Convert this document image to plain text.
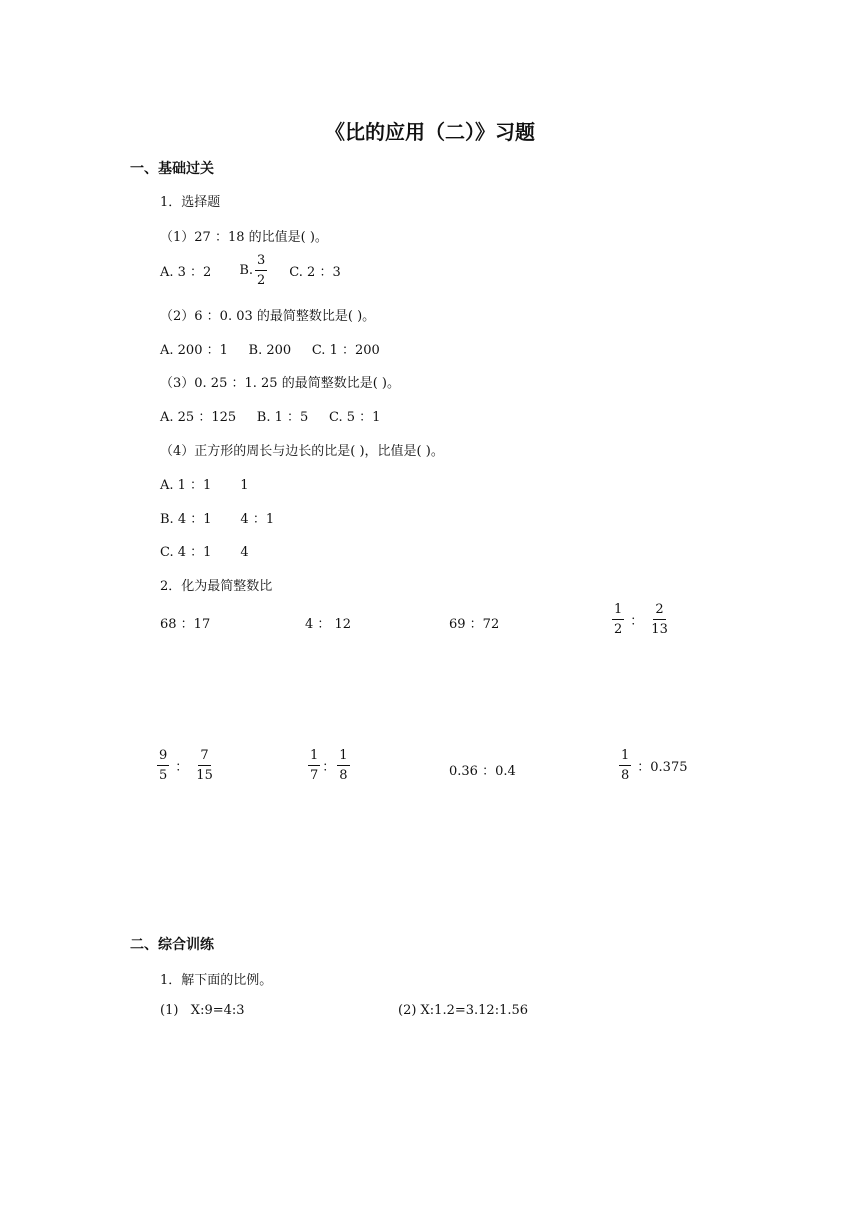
《比的应用（二）》习题
一、基础过关
1．选择题
（1）27 ：18 的比值是( )。
A. 3 ：2 B. $\frac{3}{2} C$. 2 ：3
（2）6 ：0. 03 的最简整数比是( )。
A. 200 ：1     B. 200     C. 1 ：200
（3）0. 25 ：1. 25 的最简整数比是( )。
A. 25 ：125     B. 1 ：5     C. 5 ：1
（4）正方形的周长与边长的比是( )，比值是( )。
A. 1 ：1       1
B. 4 ：1       4 ：1
C. 4 ：1       4
2．化为最简整数比
68 ：17	4 ： 12	69 ：72	$\frac{1}{2}$ ： $\frac{2}{13}$
$\frac{9}{5}$ ： $\frac{7}{15}$	$\frac{1}{7}$ ： $\frac{1}{8}$	0.36 ：0.4	$\frac{1}{8}$ ：0.375
二、综合训练
1．解下面的比例。
(1)   X:9=4:3	(2) X:1.2=3.12:1.56
